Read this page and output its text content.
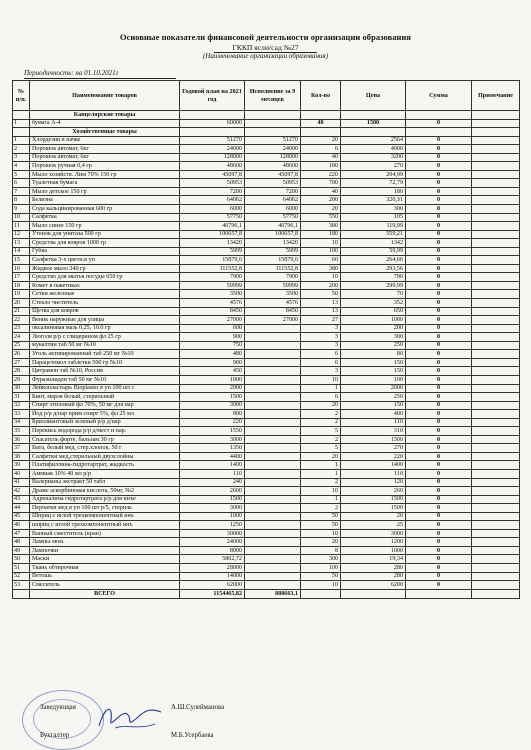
Основные показатели финансовой деятельности организации образования
ГККП ясли/сад №27
(Наименование организации образования)
Периодичность: на 01.10.2021г
№ п/п.	Наименование товаров	Годовой план на 2021 год	Исполнение за 9 месяцев	Кол-во	Цена	Сумма	Примечание
	Канцелярские товары						
1	бумага А-4	60000		40	1500	0	
	Хозяйственные товары						
1	Хлордезин в пачке	51270	51270	20	2564	0	
2	Порошок автомат, 6кг	24000	24000	6	4000	0	
3	Порошок автомат, 6кг	128000	128000	40	3200	0	
4	Порошок ручная 0,4 гр	48600	48600	180	270	0	
5	Мыло хозяйств. Лим 70% 150 гр	45097,8	45097,8	220	204,99	0	
6	Туалетная бумага	50953	50953	700	72,79	0	
7	Мыло детское 150 гр	7200	7200	40	180	0	
8	Белизна	64062	64062	200	320,31	0	
9	Сода кальцинированная 600 гр	6000	6000	20	300	0	
10	Салфетка	57750	57750	550	105	0	
11	Мыло синее 150 гр	46796,1	46796,1	380	119,99	0	
12	Утенок для унитаза 500 гр	100657,8	100657,8	180	559,21	0	
13	Средства для ковров 1000 гр	13420	13420	10	1342	0	
14	Губка	5999	5999	100	59,99	0	
15	Салфетка 3-х цветн.в уп	15879,6	15879,6	60	264,66	0	
16	Жидкое мыло 240 гр	111552,8	111552,8	380	293,56	0	
17	Средство для мытья посуды 650 гр	7900	7900	10	790	0	
18	Комет в пакетиках	59999	59999	200	299,99	0	
19	Сетки железные	3500	3500	50	70	0	
20	Стекло чиститель	4576	4576	13	352	0	
21	Щетка для ковров	8450	8450	13	650	0	
22	Веник наружные для улицы	27000	27000	27	1000	0	
23	оксалиновая мазь 0,25, 10.0 гр	600		3	200	0	
24	Люголя р/р с глицерином фл 25 гр	900		3	300	0	
25	мукалтин таб 50 мг №10	750		3	250	0	
26	Уголь активированный таб 250 мг №10	480		6	80	0	
27	Парацетомол таблетки 500 гр №10	900		6	150	0	
28	Цитрамон таб №10, Россия	450		3	150	0	
29	Фуразилидон таб 50 мг №10	1000		10	100	0	
30	Лейкопластырь Bioplaster в уп 100 шт с	2000		1	2000	0	
31	Бинт, марля белый, стерильный	1500		6	250	0	
32	Спирт этиловый фл 70%, 50 мг для нар	3000		20	150	0	
33	Йод р/р д/нар прим спирт 5%, фл 25 мл	800		2	400	0	
34	Бриллиантовый зеленый р/р д/нар	220		2	110	0	
35	Перекись водорода р/р д/мест и нар.	1550		5	310	0	
36	Спасатель форте, бальзам 30 гр	3000		2	1500	0	
37	Вата, белый мед, стер.хлопок, 50 г	1350		5	270	0	
38	Салфетки мед,стерильный двухслойны	4400		20	220	0	
39	Платифиллина-гидротартрат, жидкость	1400		1	1400	0	
40	Аммиак 10% 40 мл р/р	110		1	110	0	
41	Валерианы экстракт 50 табл	240		2	120	0	
42	Драже аскорбиновая кислота, 50мг, №2	2600		10	260	0	
43	Адреналина гидротартрата р/р для инъе	1500		1	1500	0	
44	Перчатки мед в уп 100 шт р/5, стериль	3000		2	1500	0	
45	Шприц с иглой трехкомпонентный инъ	1000		50	20	0	
46	шприц с иглой трехкомпонентный инъ	1250		50	25	0	
47	Ванный сместитель (кран)	30000		10	3000	0	
48	Лампы люм.	24000		20	1200	0	
49	Лампочки	8000		8	1000	0	
50	Маски	5802,72		300	19,34	0	
51	Ткань обтирочная	28000		100	280	0	
52	Ветошь	14000		50	280	0	
53	Смеситель	62000		10	6200	0	
	ВСЕГО	1154465,82	888663,1				
Заведующая	А.Ш.Сулейманова
Бухгалтер	М.Б.Усербаева
